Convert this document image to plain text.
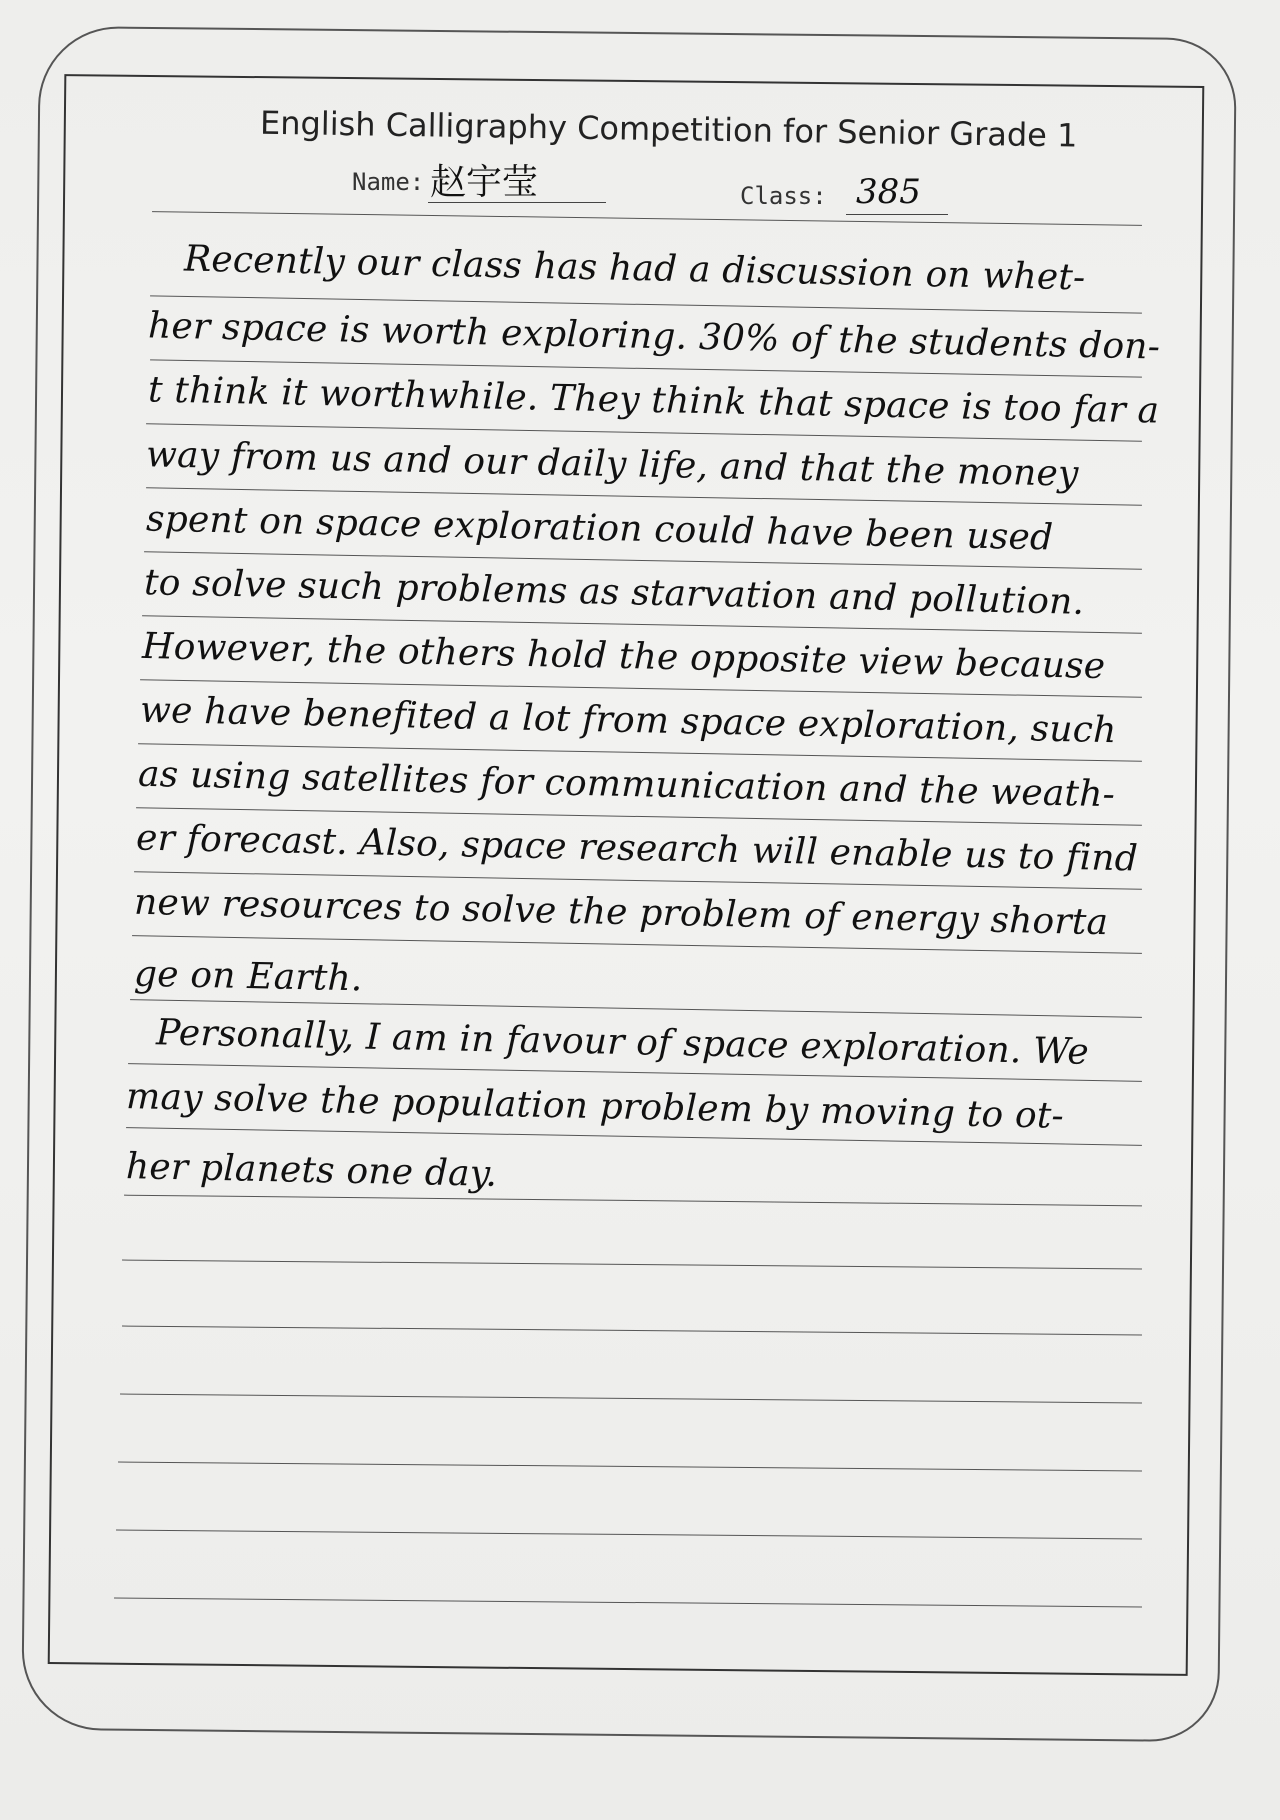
English Calligraphy Competition for Senior Grade 1
Name: 赵宇莹	Class: 385
Recently our class has had a discussion on whet-
her space is worth exploring. 30% of the students don-
t think it worthwhile. They think that space is too far a
way from us and our daily life, and that the money
spent on space exploration could have been used
to solve such problems as starvation and pollution.
However, the others hold the opposite view because
we have benefited a lot from space exploration, such
as using satellites for communication and the weath-
er forecast. Also, space research will enable us to find
new resources to solve the problem of energy shorta
ge on Earth.
Personally, I am in favour of space exploration. We
may solve the population problem by moving to ot-
her planets one day.
